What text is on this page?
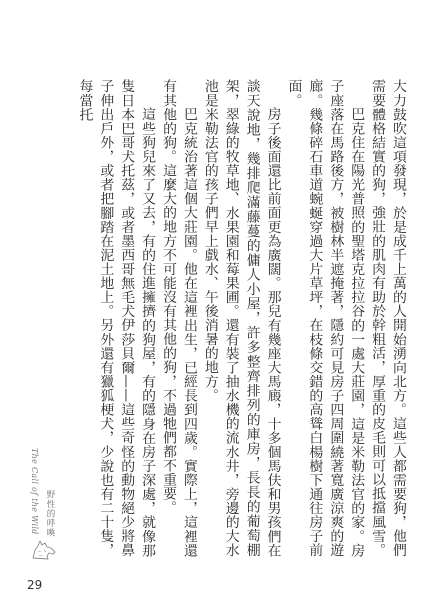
大力鼓吹這項發現，於是成千上萬的人開始湧向北方。這些人都需要狗，他們需要體格結實的狗，強壯的肌肉有助於幹粗活，厚重的皮毛則可以抵擋風雪。

巴克住在陽光普照的聖塔克拉拉谷的一處大莊園，這是米勒法官的家。房子座落在馬路後方，被樹林半遮掩著，隱約可見房子四周圍繞著寬廣涼爽的遊廊。幾條碎石車道蜿蜒穿過大片草坪，在枝條交錯的高聳白楊樹下通往房子前面。

房子後面還比前面更為廣闊。那兒有幾座大馬廄，十多個馬伕和男孩們在談天說地，幾排爬滿藤蔓的傭人小屋，許多整齊排列的庫房，長長的葡萄棚架，翠綠的牧草地、水果園和莓果圃。還有裝了抽水機的流水井，旁邊的大水池是米勒法官的孩子們早上戲水、午後消暑的地方。

巴克統治著這個大莊園。他在這裡出生，已經長到四歲。實際上，這裡還有其他的狗。這麼大的地方不可能沒有其他的狗，不過牠們都不重要。

這些狗兒來了又去，有的住進擁擠的狗屋，有的隱身在房子深處，就像那隻日本巴哥犬托茲，或者墨西哥無毛犬伊莎貝爾——這些奇怪的動物絕少將鼻子伸出戶外，或者把腳踏在泥土地上。另外還有獵狐梗犬，少說也有二十隻，每當托

The Call of the Wild 野性的呼喚
29
